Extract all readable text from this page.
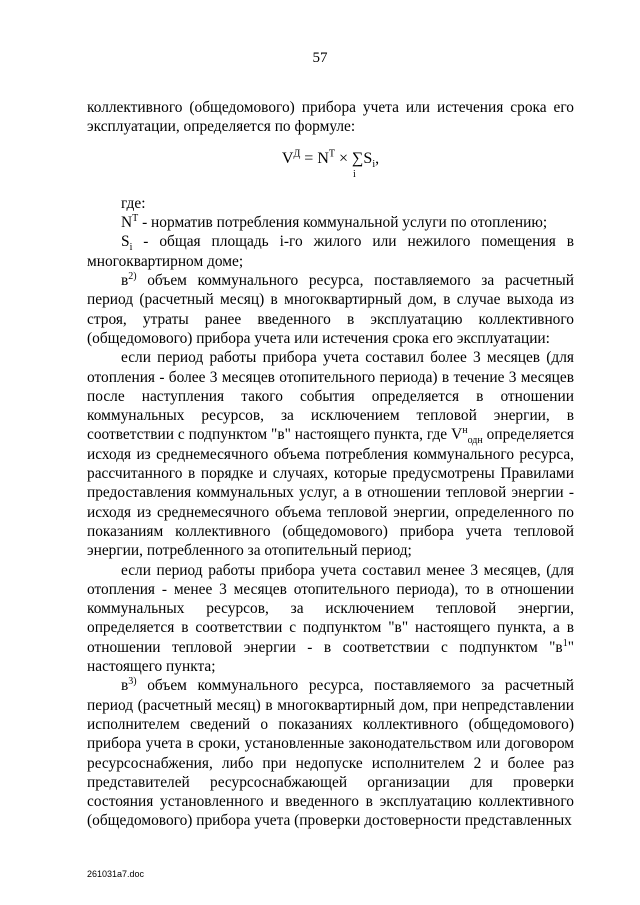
57

коллективного (общедомового) прибора учета или истечения срока его эксплуатации, определяется по формуле:

$V^Д = N^T$ × ∑
i
$S_i$,

где:

$N^T$ - норматив потребления коммунальной услуги по отоплению;

$S_i$ - общая площадь i-го жилого или нежилого помещения в многоквартирном доме;

$в^{2)}$ объем коммунального ресурса, поставляемого за расчетный период (расчетный месяц) в многоквартирный дом, в случае выхода из строя, утраты ранее введенного в эксплуатацию коллективного (общедомового) прибора учета или истечения срока его эксплуатации:

если период работы прибора учета составил более 3 месяцев (для отопления - более 3 месяцев отопительного периода) в течение 3 месяцев после наступления такого события определяется в отношении коммунальных ресурсов, за исключением тепловой энергии, в соответствии с подпунктом "в" настоящего пункта, где $V^н_{одн}$ определяется исходя из среднемесячного объема потребления коммунального ресурса, рассчитанного в порядке и случаях, которые предусмотрены Правилами предоставления коммунальных услуг, а в отношении тепловой энергии - исходя из среднемесячного объема тепловой энергии, определенного по показаниям коллективного (общедомового) прибора учета тепловой энергии, потребленного за отопительный период;

если период работы прибора учета составил менее 3 месяцев, (для отопления - менее 3 месяцев отопительного периода), то в отношении коммунальных ресурсов, за исключением тепловой энергии, определяется в соответствии с подпунктом "в" настоящего пункта, а в отношении тепловой энергии - в соответствии с подпунктом "$в^1$" настоящего пункта;

$в^{3)}$ объем коммунального ресурса, поставляемого за расчетный период (расчетный месяц) в многоквартирный дом, при непредставлении исполнителем сведений о показаниях коллективного (общедомового) прибора учета в сроки, установленные законодательством или договором ресурсоснабжения, либо при недопуске исполнителем 2 и более раз представителей ресурсоснабжающей организации для проверки состояния установленного и введенного в эксплуатацию коллективного (общедомового) прибора учета (проверки достоверности представленных

261031a7.doc
